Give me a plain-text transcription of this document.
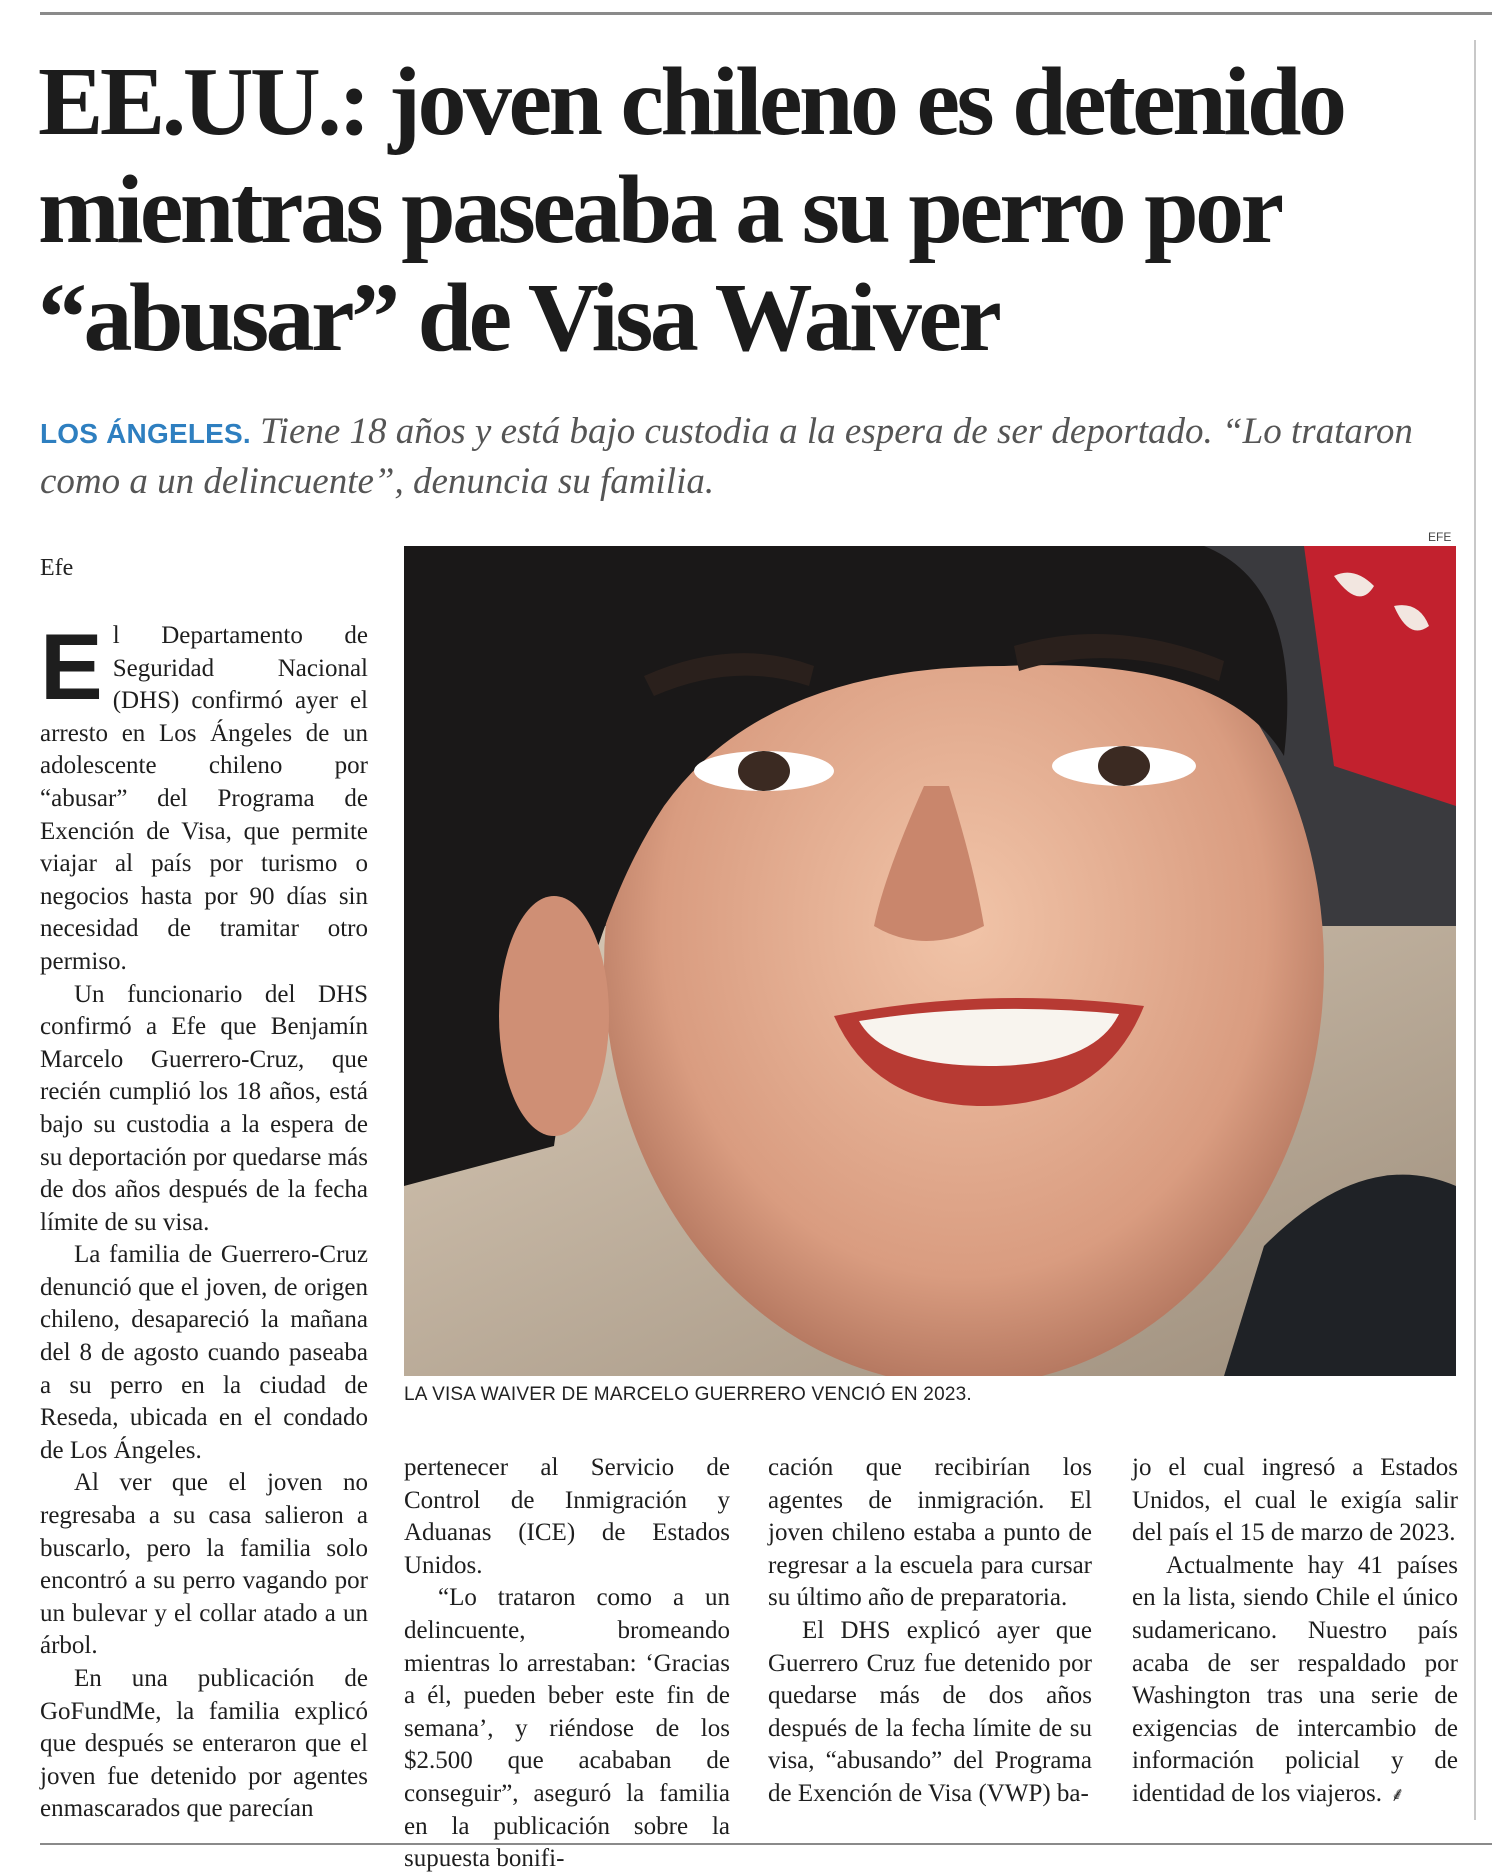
EE.UU.: joven chileno es detenido mientras paseaba a su perro por “abusar” de Visa Waiver

LOS ÁNGELES. Tiene 18 años y está bajo custodia a la espera de ser deportado. “Lo trataron como a un delincuente”, denuncia su familia.

Efe
EFE
LA VISA WAIVER DE MARCELO GUERRERO VENCIÓ EN 2023.

El Departamento de Seguridad Nacional (DHS) confirmó ayer el arresto en Los Ángeles de un adolescente chileno por “abusar” del Programa de Exención de Visa, que permite viajar al país por turismo o negocios hasta por 90 días sin necesidad de tramitar otro permiso.

Un funcionario del DHS confirmó a Efe que Benjamín Marcelo Guerrero-Cruz, que recién cumplió los 18 años, está bajo su custodia a la espera de su deportación por quedarse más de dos años después de la fecha límite de su visa.

La familia de Guerrero-Cruz denunció que el joven, de origen chileno, desapareció la mañana del 8 de agosto cuando paseaba a su perro en la ciudad de Reseda, ubicada en el condado de Los Ángeles.

Al ver que el joven no regresaba a su casa salieron a buscarlo, pero la familia solo encontró a su perro vagando por un bulevar y el collar atado a un árbol.

En una publicación de GoFundMe, la familia explicó que después se enteraron que el joven fue detenido por agentes enmascarados que parecían

pertenecer al Servicio de Control de Inmigración y Aduanas (ICE) de Estados Unidos.

“Lo trataron como a un delincuente, bromeando mientras lo arrestaban: ‘Gracias a él, pueden beber este fin de semana’, y riéndose de los $2.500 que acababan de conseguir”, aseguró la familia en la publicación sobre la supuesta bonifi-

cación que recibirían los agentes de inmigración. El joven chileno estaba a punto de regresar a la escuela para cursar su último año de preparatoria.

El DHS explicó ayer que Guerrero Cruz fue detenido por quedarse más de dos años después de la fecha límite de su visa, “abusando” del Programa de Exención de Visa (VWP) ba-

jo el cual ingresó a Estados Unidos, el cual le exigía salir del país el 15 de marzo de 2023.

Actualmente hay 41 países en la lista, siendo Chile el único sudamericano. Nuestro país acaba de ser respaldado por Washington tras una serie de exigencias de intercambio de información policial y de identidad de los viajeros. ⸙
